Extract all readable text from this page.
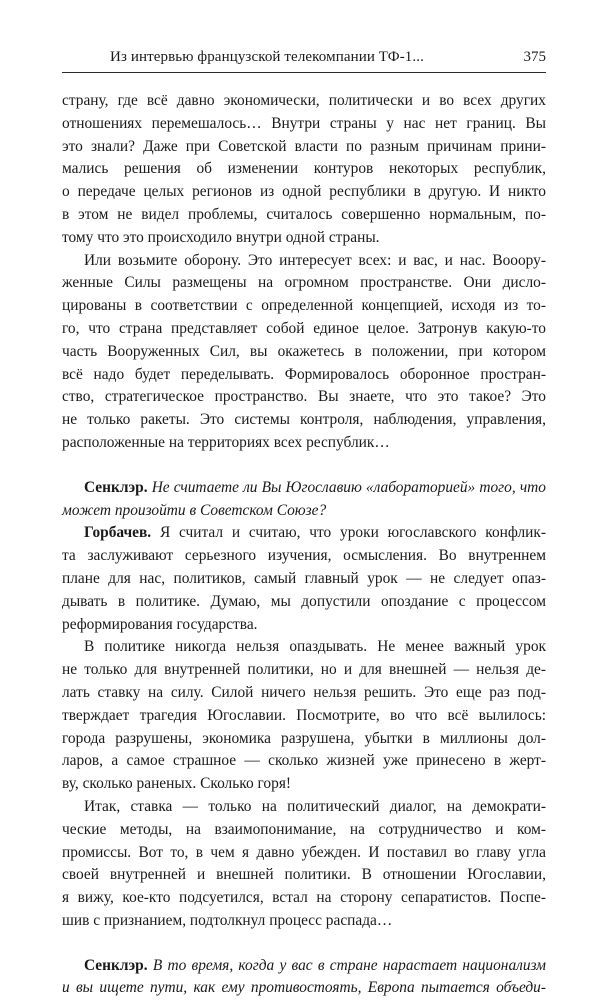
Из интервью французской телекомпании ТФ-1...	375
страну, где всё давно экономически, политически и во всех других
отношениях перемешалось… Внутри страны у нас нет границ. Вы
это знали? Даже при Советской власти по разным причинам прини-
мались решения об изменении контуров некоторых республик,
о передаче целых регионов из одной республики в другую. И никто
в этом не видел проблемы, считалось совершенно нормальным, по-
тому что это происходило внутри одной страны.
Или возьмите оборону. Это интересует всех: и вас, и нас. Вооору-
женные Силы размещены на огромном пространстве. Они дисло-
цированы в соответствии с определенной концепцией, исходя из то-
го, что страна представляет собой единое целое. Затронув какую-то
часть Вооруженных Сил, вы окажетесь в положении, при котором
всё надо будет переделывать. Формировалось оборонное простран-
ство, стратегическое пространство. Вы знаете, что это такое? Это
не только ракеты. Это системы контроля, наблюдения, управления,
расположенные на территориях всех республик…
Сенклэр. Не считаете ли Вы Югославию «лабораторией» того, что
может произойти в Советском Союзе?
Горбачев. Я считал и считаю, что уроки югославского конфлик-
та заслуживают серьезного изучения, осмысления. Во внутреннем
плане для нас, политиков, самый главный урок — не следует опаз-
дывать в политике. Думаю, мы допустили опоздание с процессом
реформирования государства.
В политике никогда нельзя опаздывать. Не менее важный урок
не только для внутренней политики, но и для внешней — нельзя де-
лать ставку на силу. Силой ничего нельзя решить. Это еще раз под-
тверждает трагедия Югославии. Посмотрите, во что всё вылилось:
города разрушены, экономика разрушена, убытки в миллионы дол-
ларов, а самое страшное — сколько жизней уже принесено в жерт-
ву, сколько раненых. Сколько горя!
Итак, ставка — только на политический диалог, на демократи-
ческие методы, на взаимопонимание, на сотрудничество и ком-
промиссы. Вот то, в чем я давно убежден. И поставил во главу угла
своей внутренней и внешней политики. В отношении Югославии,
я вижу, кое-кто подсуетился, встал на сторону сепаратистов. Поспе-
шив с признанием, подтолкнул процесс распада…
Сенклэр. В то время, когда у вас в стране нарастает национализм
и вы ищете пути, как ему противостоять, Европа пытается объеди-
